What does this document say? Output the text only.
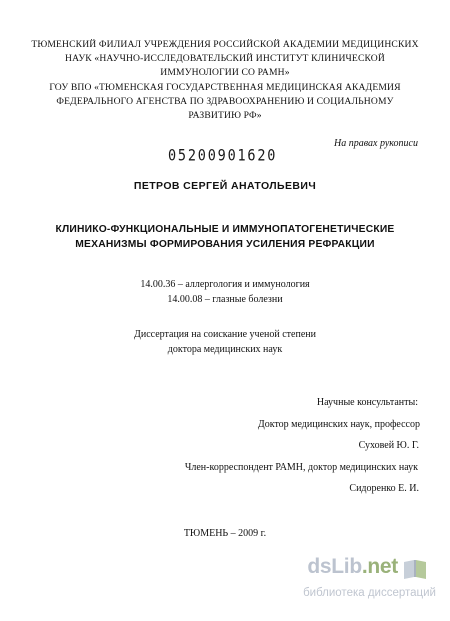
ТЮМЕНСКИЙ ФИЛИАЛ УЧРЕЖДЕНИЯ РОССИЙСКОЙ АКАДЕМИИ МЕДИЦИНСКИХ
НАУК «НАУЧНО-ИССЛЕДОВАТЕЛЬСКИЙ ИНСТИТУТ КЛИНИЧЕСКОЙ
ИММУНОЛОГИИ СО РАМН»
ГОУ ВПО «ТЮМЕНСКАЯ ГОСУДАРСТВЕННАЯ МЕДИЦИНСКАЯ АКАДЕМИЯ
ФЕДЕРАЛЬНОГО АГЕНСТВА ПО ЗДРАВООХРАНЕНИЮ И СОЦИАЛЬНОМУ
РАЗВИТИЮ РФ»
На правах рукописи
05200901620
ПЕТРОВ СЕРГЕЙ АНАТОЛЬЕВИЧ
КЛИНИКО-ФУНКЦИОНАЛЬНЫЕ И ИММУНОПАТОГЕНЕТИЧЕСКИЕ
МЕХАНИЗМЫ ФОРМИРОВАНИЯ УСИЛЕНИЯ РЕФРАКЦИИ
14.00.36 – аллергология и иммунология
14.00.08 – глазные болезни
Диссертация на соискание ученой степени
доктора медицинских наук
Научные консультанты:
Доктор медицинских наук, профессор
Суховей Ю. Г.
Член-корреспондент РАМН, доктор медицинских наук
Сидоренко Е. И.
ТЮМЕНЬ – 2009 г.
dsLib.net
библиотека диссертаций
